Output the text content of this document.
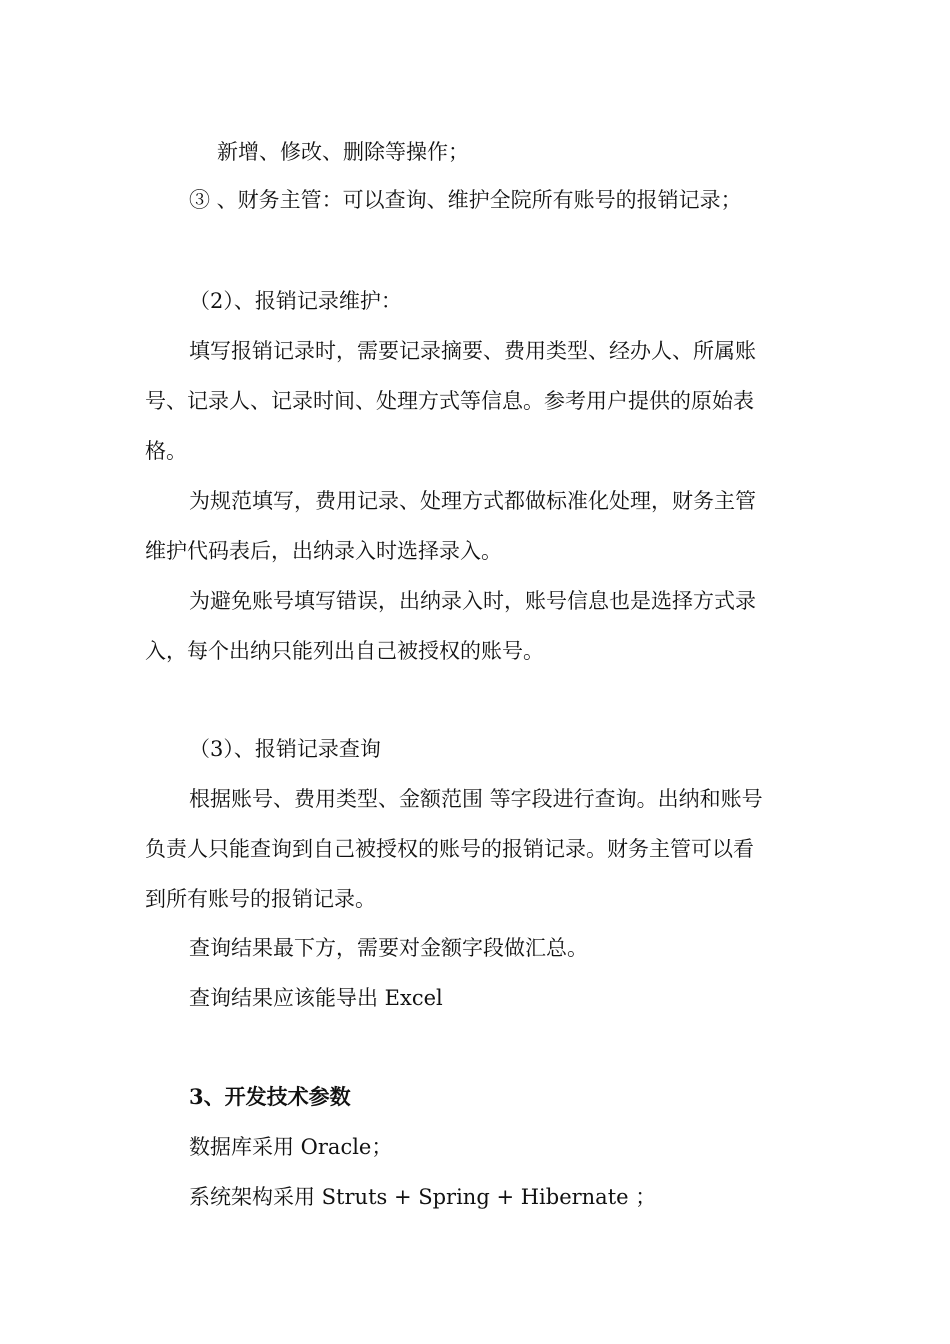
新增、修改、删除等操作；
③ 、财务主管：可以查询、维护全院所有账号的报销记录；
（2）、报销记录维护：
填写报销记录时，需要记录摘要、费用类型、经办人、所属账
号、记录人、记录时间、处理方式等信息。参考用户提供的原始表
格。
为规范填写，费用记录、处理方式都做标准化处理，财务主管
维护代码表后，出纳录入时选择录入。
为避免账号填写错误，出纳录入时，账号信息也是选择方式录
入，每个出纳只能列出自己被授权的账号。
（3）、报销记录查询
根据账号、费用类型、金额范围 等字段进行查询。出纳和账号
负责人只能查询到自己被授权的账号的报销记录。财务主管可以看
到所有账号的报销记录。
查询结果最下方，需要对金额字段做汇总。
查询结果应该能导出 Excel
3、开发技术参数
数据库采用 Oracle；
系统架构采用 Struts + Spring + Hibernate ；
